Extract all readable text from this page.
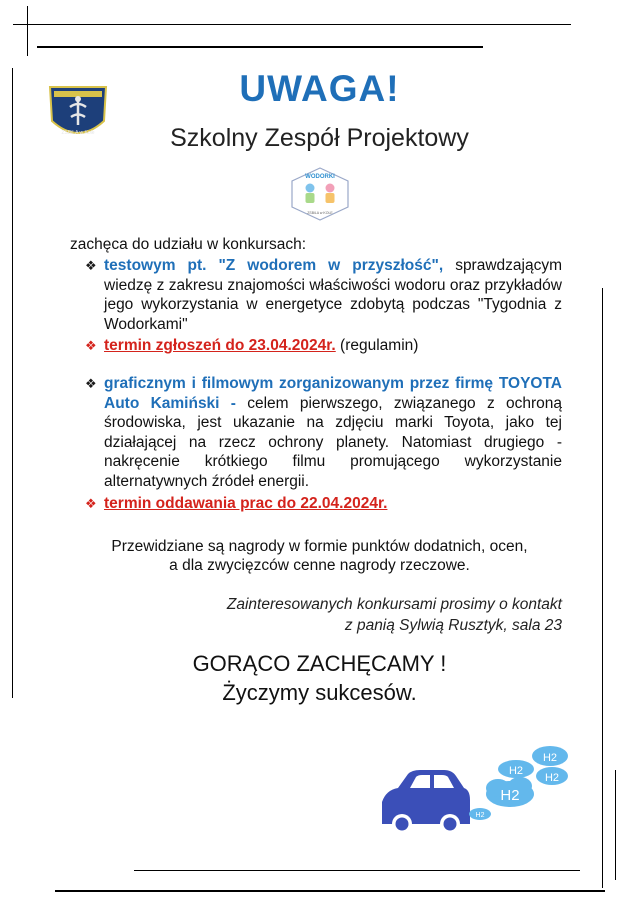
ZSBiLA w Kole
UWAGA!
Szkolny Zespół Projektowy
WODORKI
ZSBiLA w KOLE
zachęca do udziału w konkursach:
❖ testowym pt. "Z wodorem w przyszłość", sprawdzającym wiedzę z zakresu znajomości właściwości wodoru oraz przykładów jego wykorzystania w energetyce zdobytą podczas "Tygodnia z Wodorkami"
❖ termin zgłoszeń do 23.04.2024r. (regulamin)
❖ graficznym i filmowym zorganizowanym przez firmę TOYOTA Auto Kamiński - celem pierwszego, związanego z ochroną środowiska, jest ukazanie na zdjęciu marki Toyota, jako tej działającej na rzecz ochrony planety. Natomiast drugiego - nakręcenie krótkiego filmu promującego wykorzystanie alternatywnych źródeł energii.
❖ termin oddawania prac do 22.04.2024r.
Przewidziane są nagrody w formie punktów dodatnich, ocen,
a dla zwycięzców cenne nagrody rzeczowe.
Zainteresowanych konkursami prosimy o kontakt
z panią Sylwią Rusztyk, sala 23
GORĄCO ZACHĘCAMY !
Życzymy sukcesów.
H2
H2
H2
H2
H2
